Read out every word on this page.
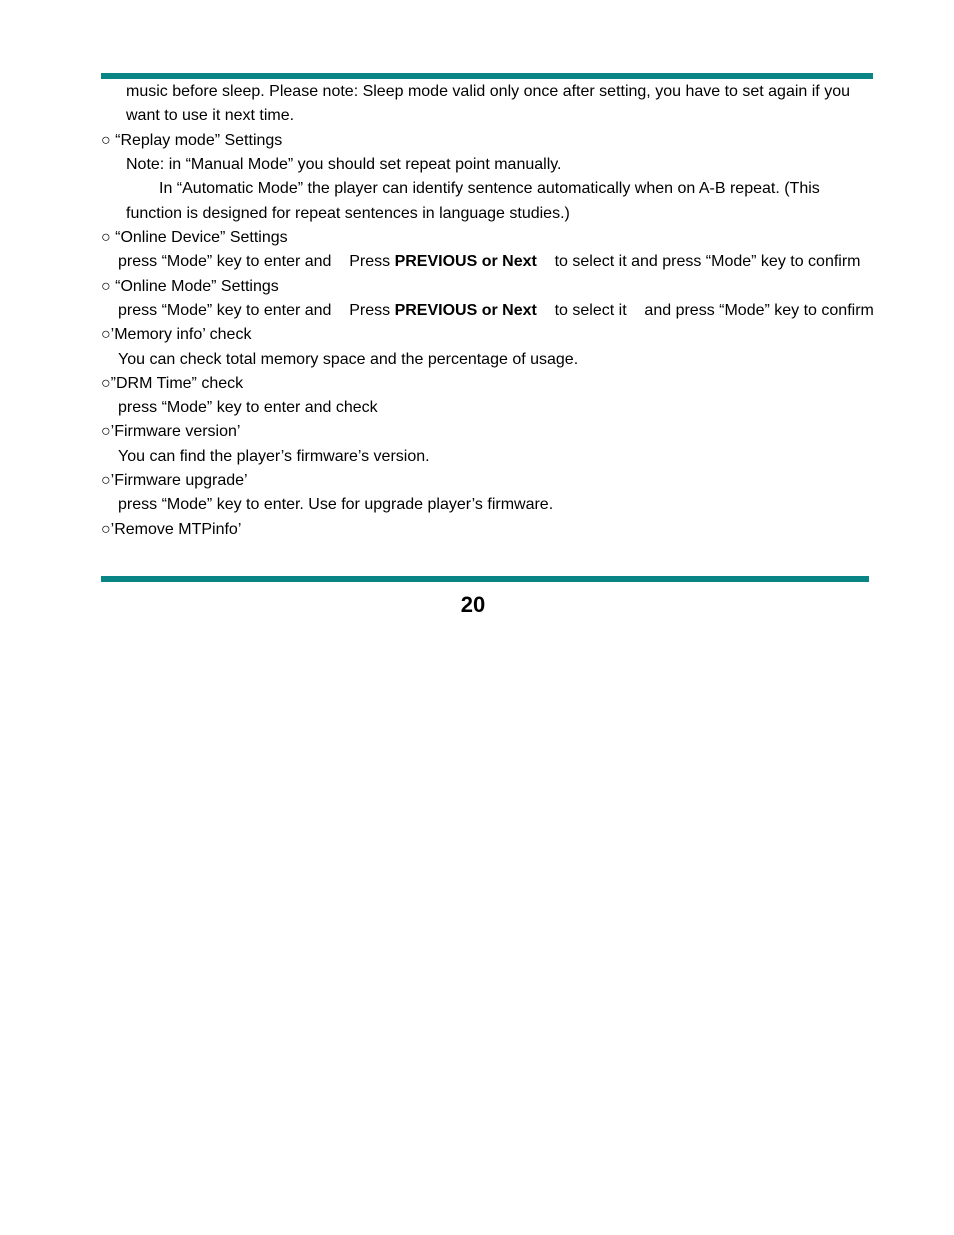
music before sleep. Please note: Sleep mode valid only once after setting, you have to set again if you
want to use it next time.
○ “Replay mode” Settings
Note: in “Manual Mode” you should set repeat point manually.
In “Automatic Mode” the player can identify sentence automatically when on A-B repeat. (This
function is designed for repeat sentences in language studies.)
○ “Online Device” Settings
press “Mode” key to enter and    Press PREVIOUS or Next    to select it and press “Mode” key to confirm
○ “Online Mode” Settings
press “Mode” key to enter and    Press PREVIOUS or Next    to select it    and press “Mode” key to confirm
○’Memory info’ check
You can check total memory space and the percentage of usage.
○”DRM Time” check
press “Mode” key to enter and check
○’Firmware version’
You can find the player’s firmware’s version.
○’Firmware upgrade’
press “Mode” key to enter. Use for upgrade player’s firmware.
○’Remove MTPinfo’
20
